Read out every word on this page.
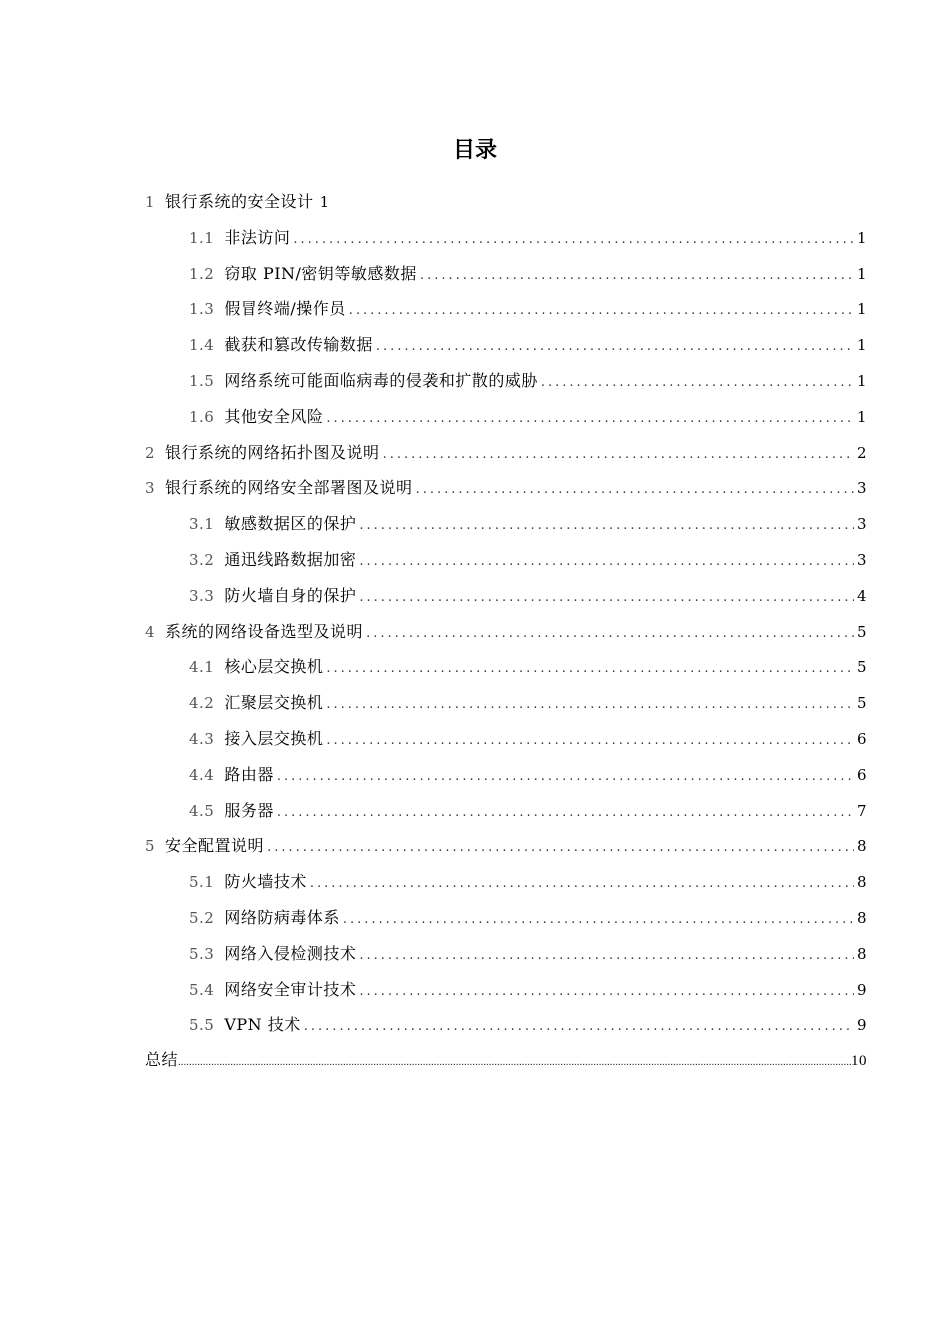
目录
1 银行系统的安全设计 1
1.1 非法访问 .....	1
1.2 窃取 PIN/密钥等敏感数据 .....	1
1.3 假冒终端/操作员 .....	1
1.4 截获和篡改传输数据 .....	1
1.5 网络系统可能面临病毒的侵袭和扩散的威胁 .....	1
1.6 其他安全风险 .....	1
2 银行系统的网络拓扑图及说明 .....	2
3 银行系统的网络安全部署图及说明 .....	3
3.1 敏感数据区的保护 .....	3
3.2 通迅线路数据加密 .....	3
3.3 防火墙自身的保护 .....	4
4 系统的网络设备选型及说明 .....	5
4.1 核心层交换机 .....	5
4.2 汇聚层交换机 .....	5
4.3 接入层交换机 .....	6
4.4 路由器 .....	6
4.5 服务器 .....	7
5 安全配置说明 .....	8
5.1 防火墙技术 .....	8
5.2 网络防病毒体系 .....	8
5.3 网络入侵检测技术 .....	8
5.4 网络安全审计技术 .....	9
5.5 VPN 技术 .....	9
总结 .....	10
